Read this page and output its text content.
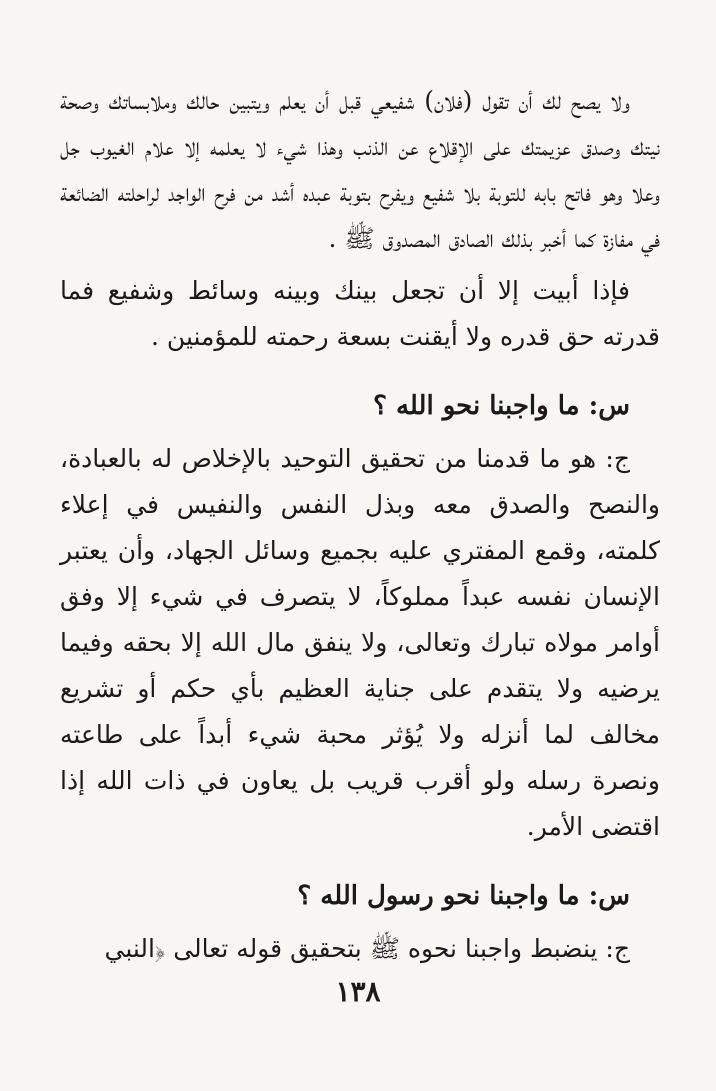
ولا يصح لك أن تقول (فلان) شفيعي قبل أن يعلم ويتبين حالك وملابساتك وصحة نيتك وصدق عزيمتك على الإقلاع عن الذنب وهذا شيء لا يعلمه إلا علام الغيوب جل وعلا وهو فاتح بابه للتوبة بلا شفيع ويفرح بتوبة عبده أشد من فرح الواجد لراحلته الضائعة في مفازة كما أخبر بذلك الصادق المصدوق ﷺ .

فإذا أبيت إلا أن تجعل بينك وبينه وسائط وشفيع فما قدرته حق قدره ولا أيقنت بسعة رحمته للمؤمنين .

س: ما واجبنا نحو الله ؟

ج: هو ما قدمنا من تحقيق التوحيد بالإخلاص له بالعبادة، والنصح والصدق معه وبذل النفس والنفيس في إعلاء كلمته، وقمع المفتري عليه بجميع وسائل الجهاد، وأن يعتبر الإنسان نفسه عبداً مملوكاً، لا يتصرف في شيء إلا وفق أوامر مولاه تبارك وتعالى، ولا ينفق مال الله إلا بحقه وفيما يرضيه ولا يتقدم على جناية العظيم بأي حكم أو تشريع مخالف لما أنزله ولا يُؤثر محبة شيء أبداً على طاعته ونصرة رسله ولو أقرب قريب بل يعاون في ذات الله إذا اقتضى الأمر.

س: ما واجبنا نحو رسول الله ؟

ج: ينضبط واجبنا نحوه ﷺ بتحقيق قوله تعالى ﴿النبي

١٣٨
